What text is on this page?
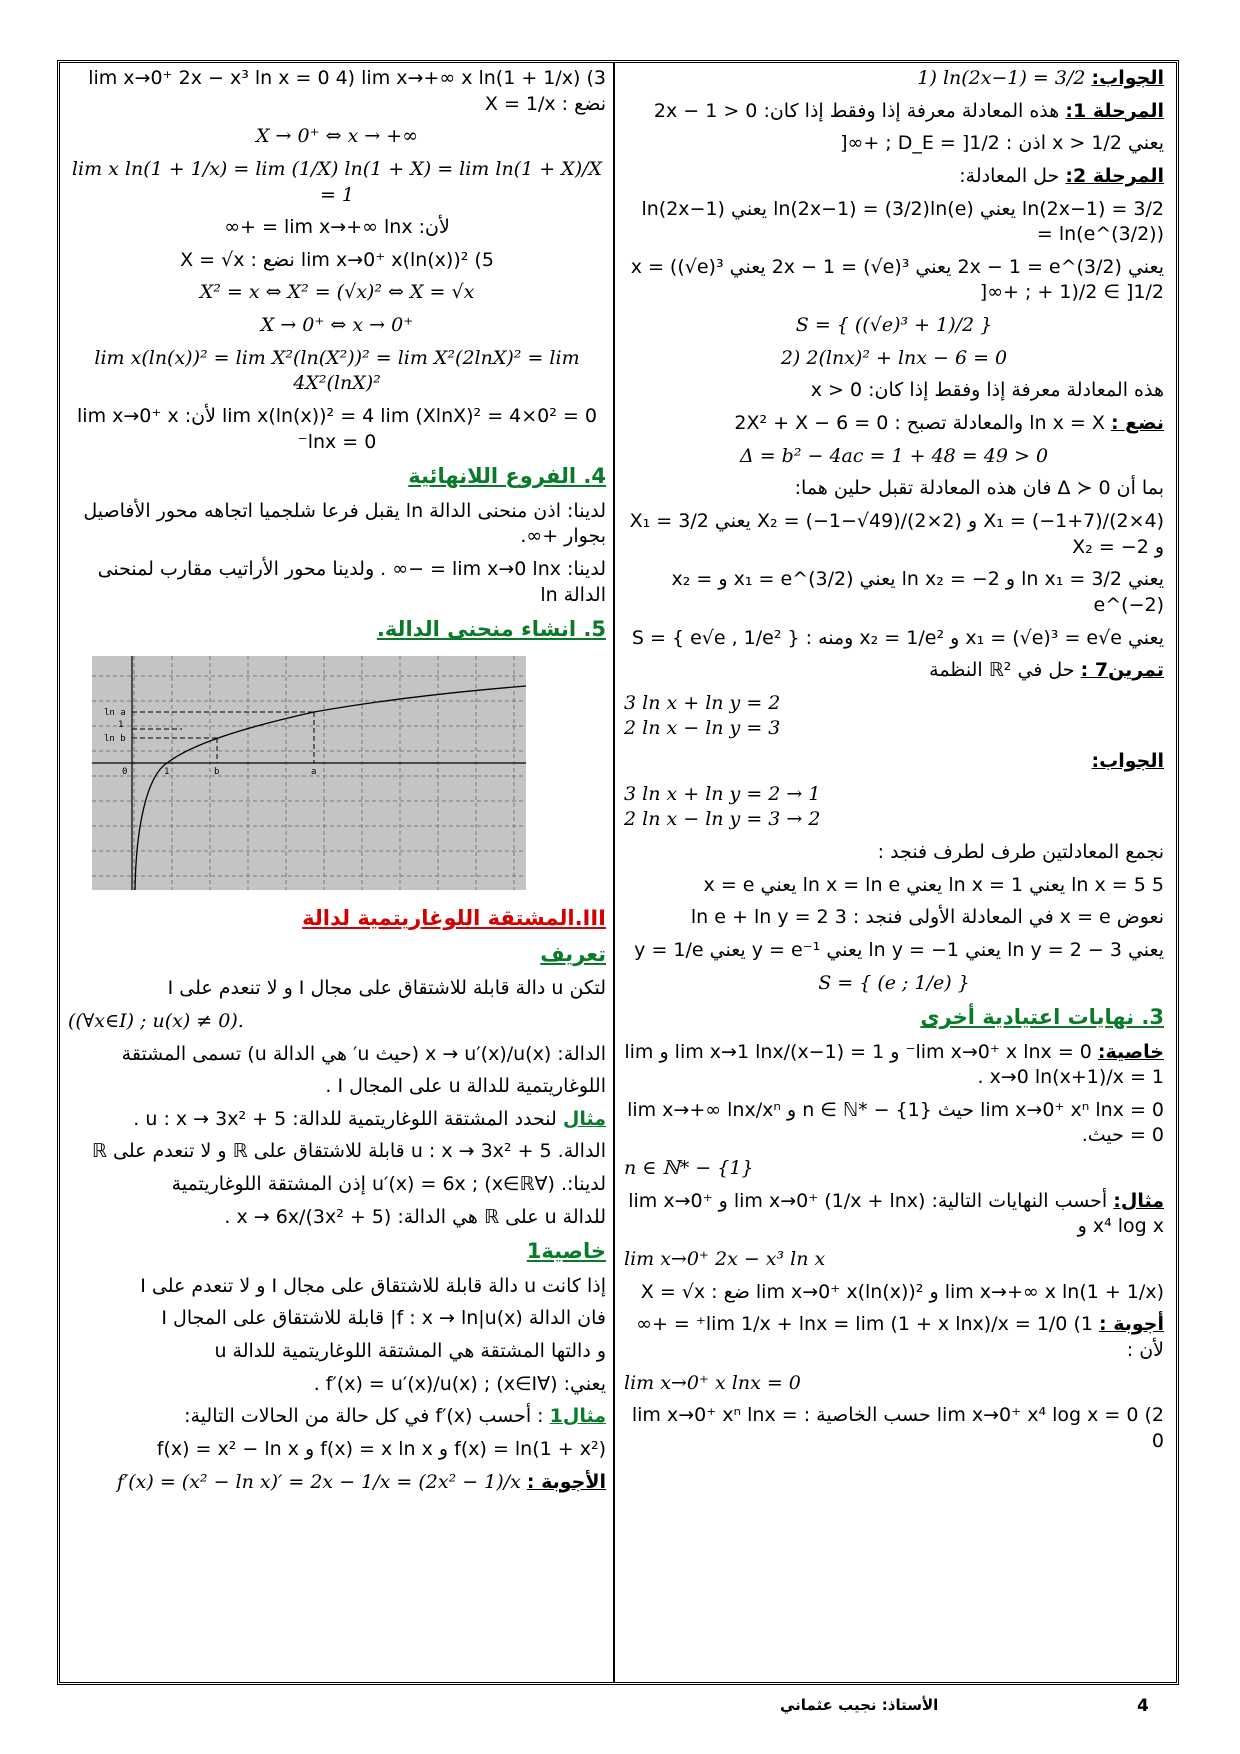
الجواب: 1) ln(2x−1) = 3/2
المرحلة 1: هذه المعادلة معرفة إذا وفقط إذا كان: 2x − 1 > 0
يعني x > 1/2 اذن : D_E = ]1/2 ; +∞[
المرحلة 2: حل المعادلة:
ln(2x−1) = 3/2 يعني ln(2x−1) = (3/2)ln(e) يعني ln(2x−1) = ln(e^(3/2))
يعني 2x − 1 = e^(3/2) يعني 2x − 1 = (√e)³ يعني x = ((√e)³ + 1)/2 ∈ ]1/2 ; +∞[
S = { ((√e)³ + 1)/2 }
2) 2(lnx)² + lnx − 6 = 0
هذه المعادلة معرفة إذا وفقط إذا كان: x > 0
نضع : ln x = X والمعادلة تصبح : 2X² + X − 6 = 0
Δ = b² − 4ac = 1 + 48 = 49 > 0
بما أن Δ ≻ 0 فان هذه المعادلة تقبل حلين هما:
X₁ = (−1+7)/(2×4) و X₂ = (−1−√49)/(2×2) يعني X₁ = 3/2 و X₂ = −2
يعني ln x₁ = 3/2 و ln x₂ = −2 يعني x₁ = e^(3/2) و x₂ = e^(−2)
يعني x₁ = (√e)³ = e√e و x₂ = 1/e² ومنه : S = { e√e , 1/e² }
تمرين7 : حل في ℝ² النظمة
3 ln x + ln y = 2
2 ln x − ln y = 3
الجواب:
3 ln x + ln y = 2 → 1
2 ln x − ln y = 3 → 2
نجمع المعادلتين طرف لطرف فنجد :
5 ln x = 5 يعني ln x = 1 يعني ln x = ln e يعني x = e
نعوض x = e في المعادلة الأولى فنجد : 3 ln e + ln y = 2
يعني ln y = 2 − 3 يعني ln y = −1 يعني y = e⁻¹ يعني y = 1/e
S = { (e ; 1/e) }
3. نهايات اعتيادية أخرى
خاصية: lim x→0⁺ x lnx = 0⁻ و lim x→1 lnx/(x−1) = 1 و lim x→0 ln(x+1)/x = 1 .
lim x→0⁺ xⁿ lnx = 0 حيث n ∈ ℕ* − {1} و lim x→+∞ lnx/xⁿ = 0 حيث.
n ∈ ℕ* − {1}
مثال: أحسب النهايات التالية: lim x→0⁺ (1/x + lnx) و lim x→0⁺ x⁴ log x و
lim x→0⁺ 2x − x³ ln x
lim x→+∞ x ln(1 + 1/x) و lim x→0⁺ x(ln(x))² ضع : X = √x
أجوبة : 1) lim 1/x + lnx = lim (1 + x lnx)/x = 1/0⁺ = +∞ لأن :
lim x→0⁺ x lnx = 0
2) lim x→0⁺ x⁴ log x = 0 حسب الخاصية : lim x→0⁺ xⁿ lnx = 0
3) lim x→0⁺ 2x − x³ ln x = 0 4) lim x→+∞ x ln(1 + 1/x) نضع : X = 1/x
X → 0⁺ ⇔ x → +∞
lim x ln(1 + 1/x) = lim (1/X) ln(1 + X) = lim ln(1 + X)/X = 1
لأن: lim x→+∞ lnx = +∞
5) lim x→0⁺ x(ln(x))² نضع : X = √x
X² = x ⇔ X² = (√x)² ⇔ X = √x
X → 0⁺ ⇔ x → 0⁺
lim x(ln(x))² = lim X²(ln(X²))² = lim X²(2lnX)² = lim 4X²(lnX)²
lim x(ln(x))² = 4 lim (XlnX)² = 4×0² = 0 لأن: lim x→0⁺ x lnx = 0⁻
4. الفروع اللانهائية
لدينا: اذن منحنى الدالة ln يقبل فرعا شلجميا اتجاهه محور الأفاصيل بجوار +∞.
لدينا: lim x→0 lnx = −∞ . ولدينا محور الأراتيب مقارب لمنحنى الدالة ln
5. انشاء منحنى الدالة.
ln a
1
ln b
0	1	b	a
III.المشتقة اللوغاريتمية لدالة
تعريف
لتكن u دالة قابلة للاشتقاق على مجال I و لا تنعدم على I
((∀x∈I) ; u(x) ≠ 0).
الدالة: x → u′(x)/u(x) (حيث u′ هي الدالة u) تسمى المشتقة
اللوغاريتمية للدالة u على المجال I .
مثال لنحدد المشتقة اللوغاريتمية للدالة: u : x → 3x² + 5 .
الدالة. u : x → 3x² + 5 قابلة للاشتقاق على ℝ و لا تنعدم على ℝ
لدينا:. (∀x∈ℝ) ; u′(x) = 6x إذن المشتقة اللوغاريتمية
للدالة u على ℝ هي الدالة: x → 6x/(3x² + 5) .
خاصية1
إذا كانت u دالة قابلة للاشتقاق على مجال I و لا تنعدم على I
فان الدالة f : x → ln|u(x)| قابلة للاشتقاق على المجال I
و دالتها المشتقة هي المشتقة اللوغاريتمية للدالة u
يعني: (∀x∈I) ; f′(x) = u′(x)/u(x) .
مثال1 : أحسب f′(x) في كل حالة من الحالات التالية:
f(x) = ln(1 + x²) و f(x) = x ln x و f(x) = x² − ln x
الأجوبة : f′(x) = (x² − ln x)′ = 2x − 1/x = (2x² − 1)/x
4
الأستاذ: نجيب عثماني
